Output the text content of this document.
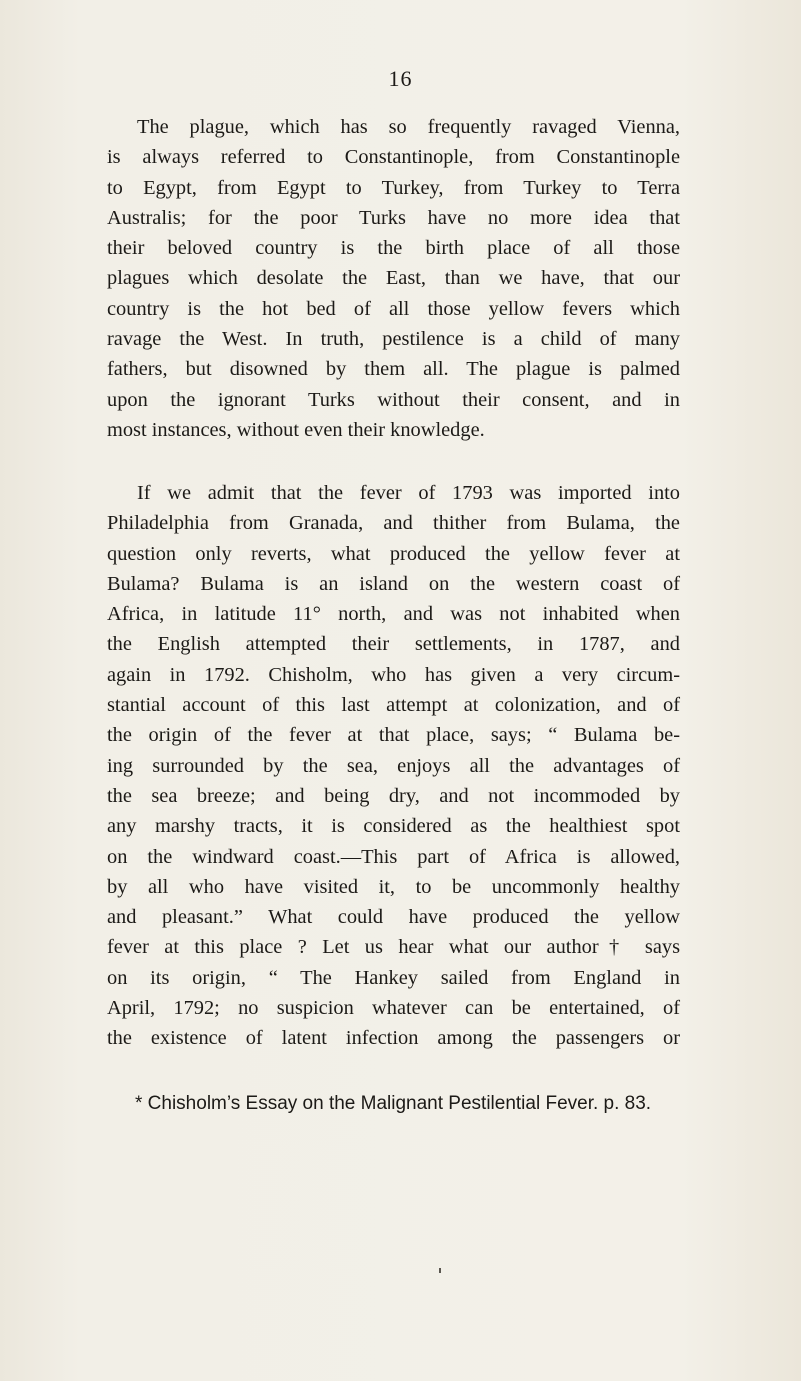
16
The plague, which has so frequently ravaged Vienna,
is always referred to Constantinople, from Constantinople
to Egypt, from Egypt to Turkey, from Turkey to Terra
Australis; for the poor Turks have no more idea that
their beloved country is the birth place of all those
plagues which desolate the East, than we have, that our
country is the hot bed of all those yellow fevers which
ravage the West. In truth, pestilence is a child of many
fathers, but disowned by them all. The plague is palmed
upon the ignorant Turks without their consent, and in
most instances, without even their knowledge.
If we admit that the fever of 1793 was imported into
Philadelphia from Granada, and thither from Bulama, the
question only reverts, what produced the yellow fever at
Bulama? Bulama is an island on the western coast of
Africa, in latitude 11° north, and was not inhabited when
the English attempted their settlements, in 1787, and
again in 1792. Chisholm, who has given a very circum-
stantial account of this last attempt at colonization, and of
the origin of the fever at that place, says; “ Bulama be-
ing surrounded by the sea, enjoys all the advantages of
the sea breeze; and being dry, and not incommoded by
any marshy tracts, it is considered as the healthiest spot
on the windward coast.—This part of Africa is allowed,
by all who have visited it, to be uncommonly healthy
and pleasant.” What could have produced the yellow
fever at this place ? Let us hear what our author† says
on its origin, “ The Hankey sailed from England in
April, 1792; no suspicion whatever can be entertained, of
the existence of latent infection among the passengers or
* Chisholm’s Essay on the Malignant Pestilential Fever. p. 83.
